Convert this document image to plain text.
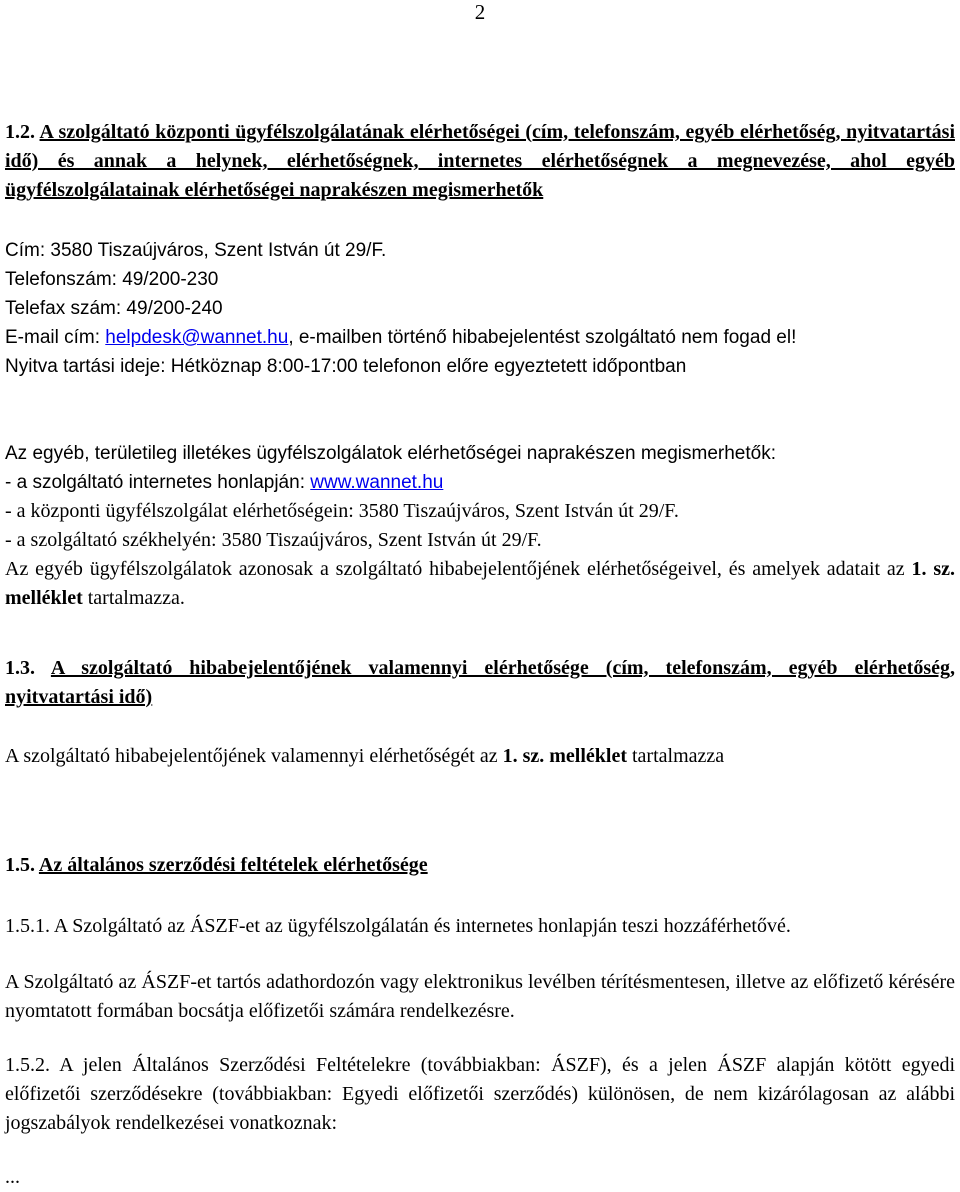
2
1.2. A szolgáltató központi ügyfélszolgálatának elérhetőségei (cím, telefonszám, egyéb elérhetőség, nyitvatartási idő) és annak a helynek, elérhetőségnek, internetes elérhetőségnek a megnevezése, ahol egyéb ügyfélszolgálatainak elérhetőségei naprakészen megismerhetők
Cím: 3580 Tiszaújváros, Szent István út 29/F.
Telefonszám: 49/200-230
Telefax szám: 49/200-240
E-mail cím: helpdesk@wannet.hu, e-mailben történő hibabejelentést szolgáltató nem fogad el!
Nyitva tartási ideje: Hétköznap 8:00-17:00 telefonon előre egyeztetett időpontban
Az egyéb, területileg illetékes ügyfélszolgálatok elérhetőségei naprakészen megismerhetők:
- a szolgáltató internetes honlapján: www.wannet.hu
- a központi ügyfélszolgálat elérhetőségein: 3580 Tiszaújváros, Szent István út 29/F.
- a szolgáltató székhelyén: 3580 Tiszaújváros, Szent István út 29/F.

Az egyéb ügyfélszolgálatok azonosak a szolgáltató hibabejelentőjének elérhetőségeivel, és amelyek adatait az 1. sz. melléklet tartalmazza.

1.3. A szolgáltató hibabejelentőjének valamennyi elérhetősége (cím, telefonszám, egyéb elérhetőség, nyitvatartási idő)
A szolgáltató hibabejelentőjének valamennyi elérhetőségét az 1. sz. melléklet tartalmazza
1.5. Az általános szerződési feltételek elérhetősége
1.5.1. A Szolgáltató az ÁSZF-et az ügyfélszolgálatán és internetes honlapján teszi hozzáférhetővé.
A Szolgáltató az ÁSZF-et tartós adathordozón vagy elektronikus levélben térítésmentesen, illetve az előfizető kérésére nyomtatott formában bocsátja előfizetői számára rendelkezésre.
1.5.2. A jelen Általános Szerződési Feltételekre (továbbiakban: ÁSZF), és a jelen ÁSZF alapján kötött egyedi előfizetői szerződésekre (továbbiakban: Egyedi előfizetői szerződés) különösen, de nem kizárólagosan az alábbi jogszabályok rendelkezései vonatkoznak:
...
